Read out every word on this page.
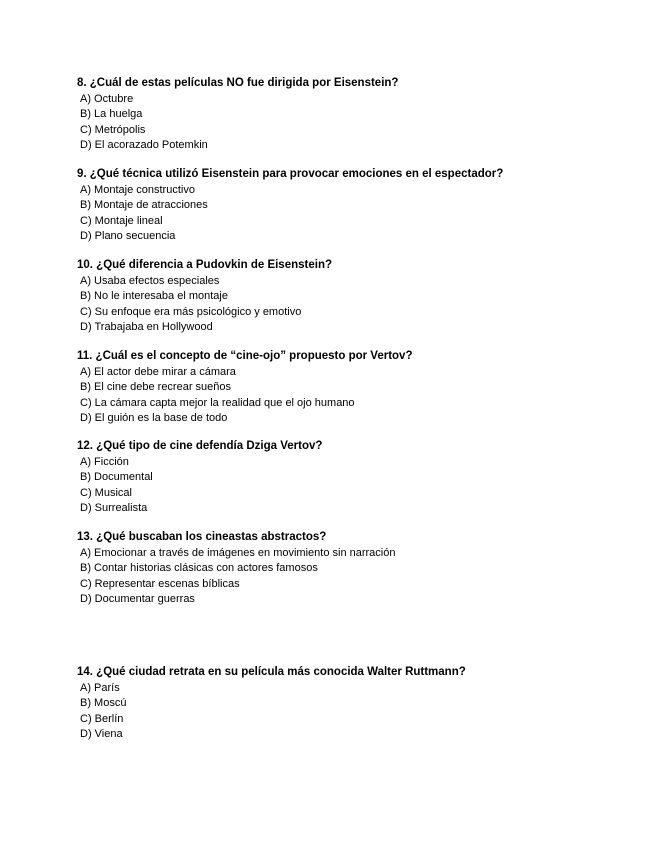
8. ¿Cuál de estas películas NO fue dirigida por Eisenstein?

A) Octubre
B) La huelga
C) Metrópolis
D) El acorazado Potemkin

9. ¿Qué técnica utilizó Eisenstein para provocar emociones en el espectador?

A) Montaje constructivo
B) Montaje de atracciones
C) Montaje lineal
D) Plano secuencia

10. ¿Qué diferencia a Pudovkin de Eisenstein?

A) Usaba efectos especiales
B) No le interesaba el montaje
C) Su enfoque era más psicológico y emotivo
D) Trabajaba en Hollywood

11. ¿Cuál es el concepto de “cine-ojo” propuesto por Vertov?

A) El actor debe mirar a cámara
B) El cine debe recrear sueños
C) La cámara capta mejor la realidad que el ojo humano
D) El guión es la base de todo

12. ¿Qué tipo de cine defendía Dziga Vertov?

A) Ficción
B) Documental
C) Musical
D) Surrealista

13. ¿Qué buscaban los cineastas abstractos?

A) Emocionar a través de imágenes en movimiento sin narración
B) Contar historias clásicas con actores famosos
C) Representar escenas bíblicas
D) Documentar guerras

14. ¿Qué ciudad retrata en su película más conocida Walter Ruttmann?

A) París
B) Moscú
C) Berlín
D) Viena
